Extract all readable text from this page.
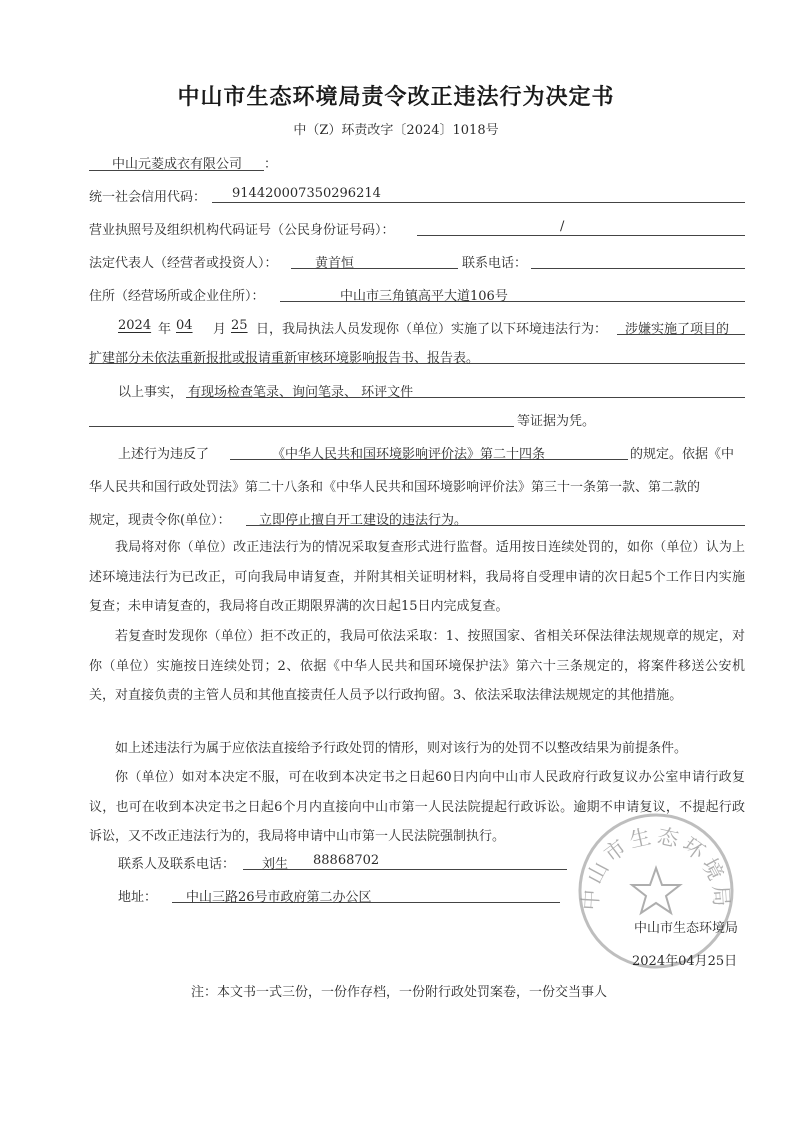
中山市生态环境局责令改正违法行为决定书
中（Z）环责改字〔2024〕1018号
中山元菱成衣有限公司 ：
统一社会信用代码： 914420007350296214
营业执照号及组织机构代码证号（公民身份证号码）：	/
法定代表人（经营者或投资人）：	黄首恒	联系电话：
住所（经营场所或企业住所）：	中山市三角镇高平大道106号
2024 年 04 月 25 日，我局执法人员发现你（单位）实施了以下环境违法行为： 涉嫌实施了项目的
扩建部分未依法重新报批或报请重新审核环境影响报告书、报告表。
以上事实， 有现场检查笔录、询问笔录、 环评文件
等证据为凭。
上述行为违反了	《中华人民共和国环境影响评价法》第二十四条	的规定。依据《中
华人民共和国行政处罚法》第二十八条和《中华人民共和国环境影响评价法》第三十一条第一款、第二款的
规定，现责令你(单位）： 立即停止擅自开工建设的违法行为。
我局将对你（单位）改正违法行为的情况采取复查形式进行监督。适用按日连续处罚的，如你（单位）认为上述环境违法行为已改正，可向我局申请复查，并附其相关证明材料，我局将自受理申请的次日起5个工作日内实施复查；未申请复查的，我局将自改正期限界满的次日起15日内完成复查。
若复查时发现你（单位）拒不改正的，我局可依法采取：1、按照国家、省相关环保法律法规规章的规定，对你（单位）实施按日连续处罚；2、依据《中华人民共和国环境保护法》第六十三条规定的，将案件移送公安机关，对直接负责的主管人员和其他直接责任人员予以行政拘留。3、依法采取法律法规规定的其他措施。
如上述违法行为属于应依法直接给予行政处罚的情形，则对该行为的处罚不以整改结果为前提条件。
你（单位）如对本决定不服，可在收到本决定书之日起60日内向中山市人民政府行政复议办公室申请行政复议，也可在收到本决定书之日起6个月内直接向中山市第一人民法院提起行政诉讼。逾期不申请复议，不提起行政诉讼，又不改正违法行为的，我局将申请中山市第一人民法院强制执行。
联系人及联系电话： 刘生 88868702
地址： 中山三路26号市政府第二办公区	中山市生态环境局
中山市生态环境局
2024年04月25日
注：本文书一式三份，一份作存档，一份附行政处罚案卷，一份交当事人
